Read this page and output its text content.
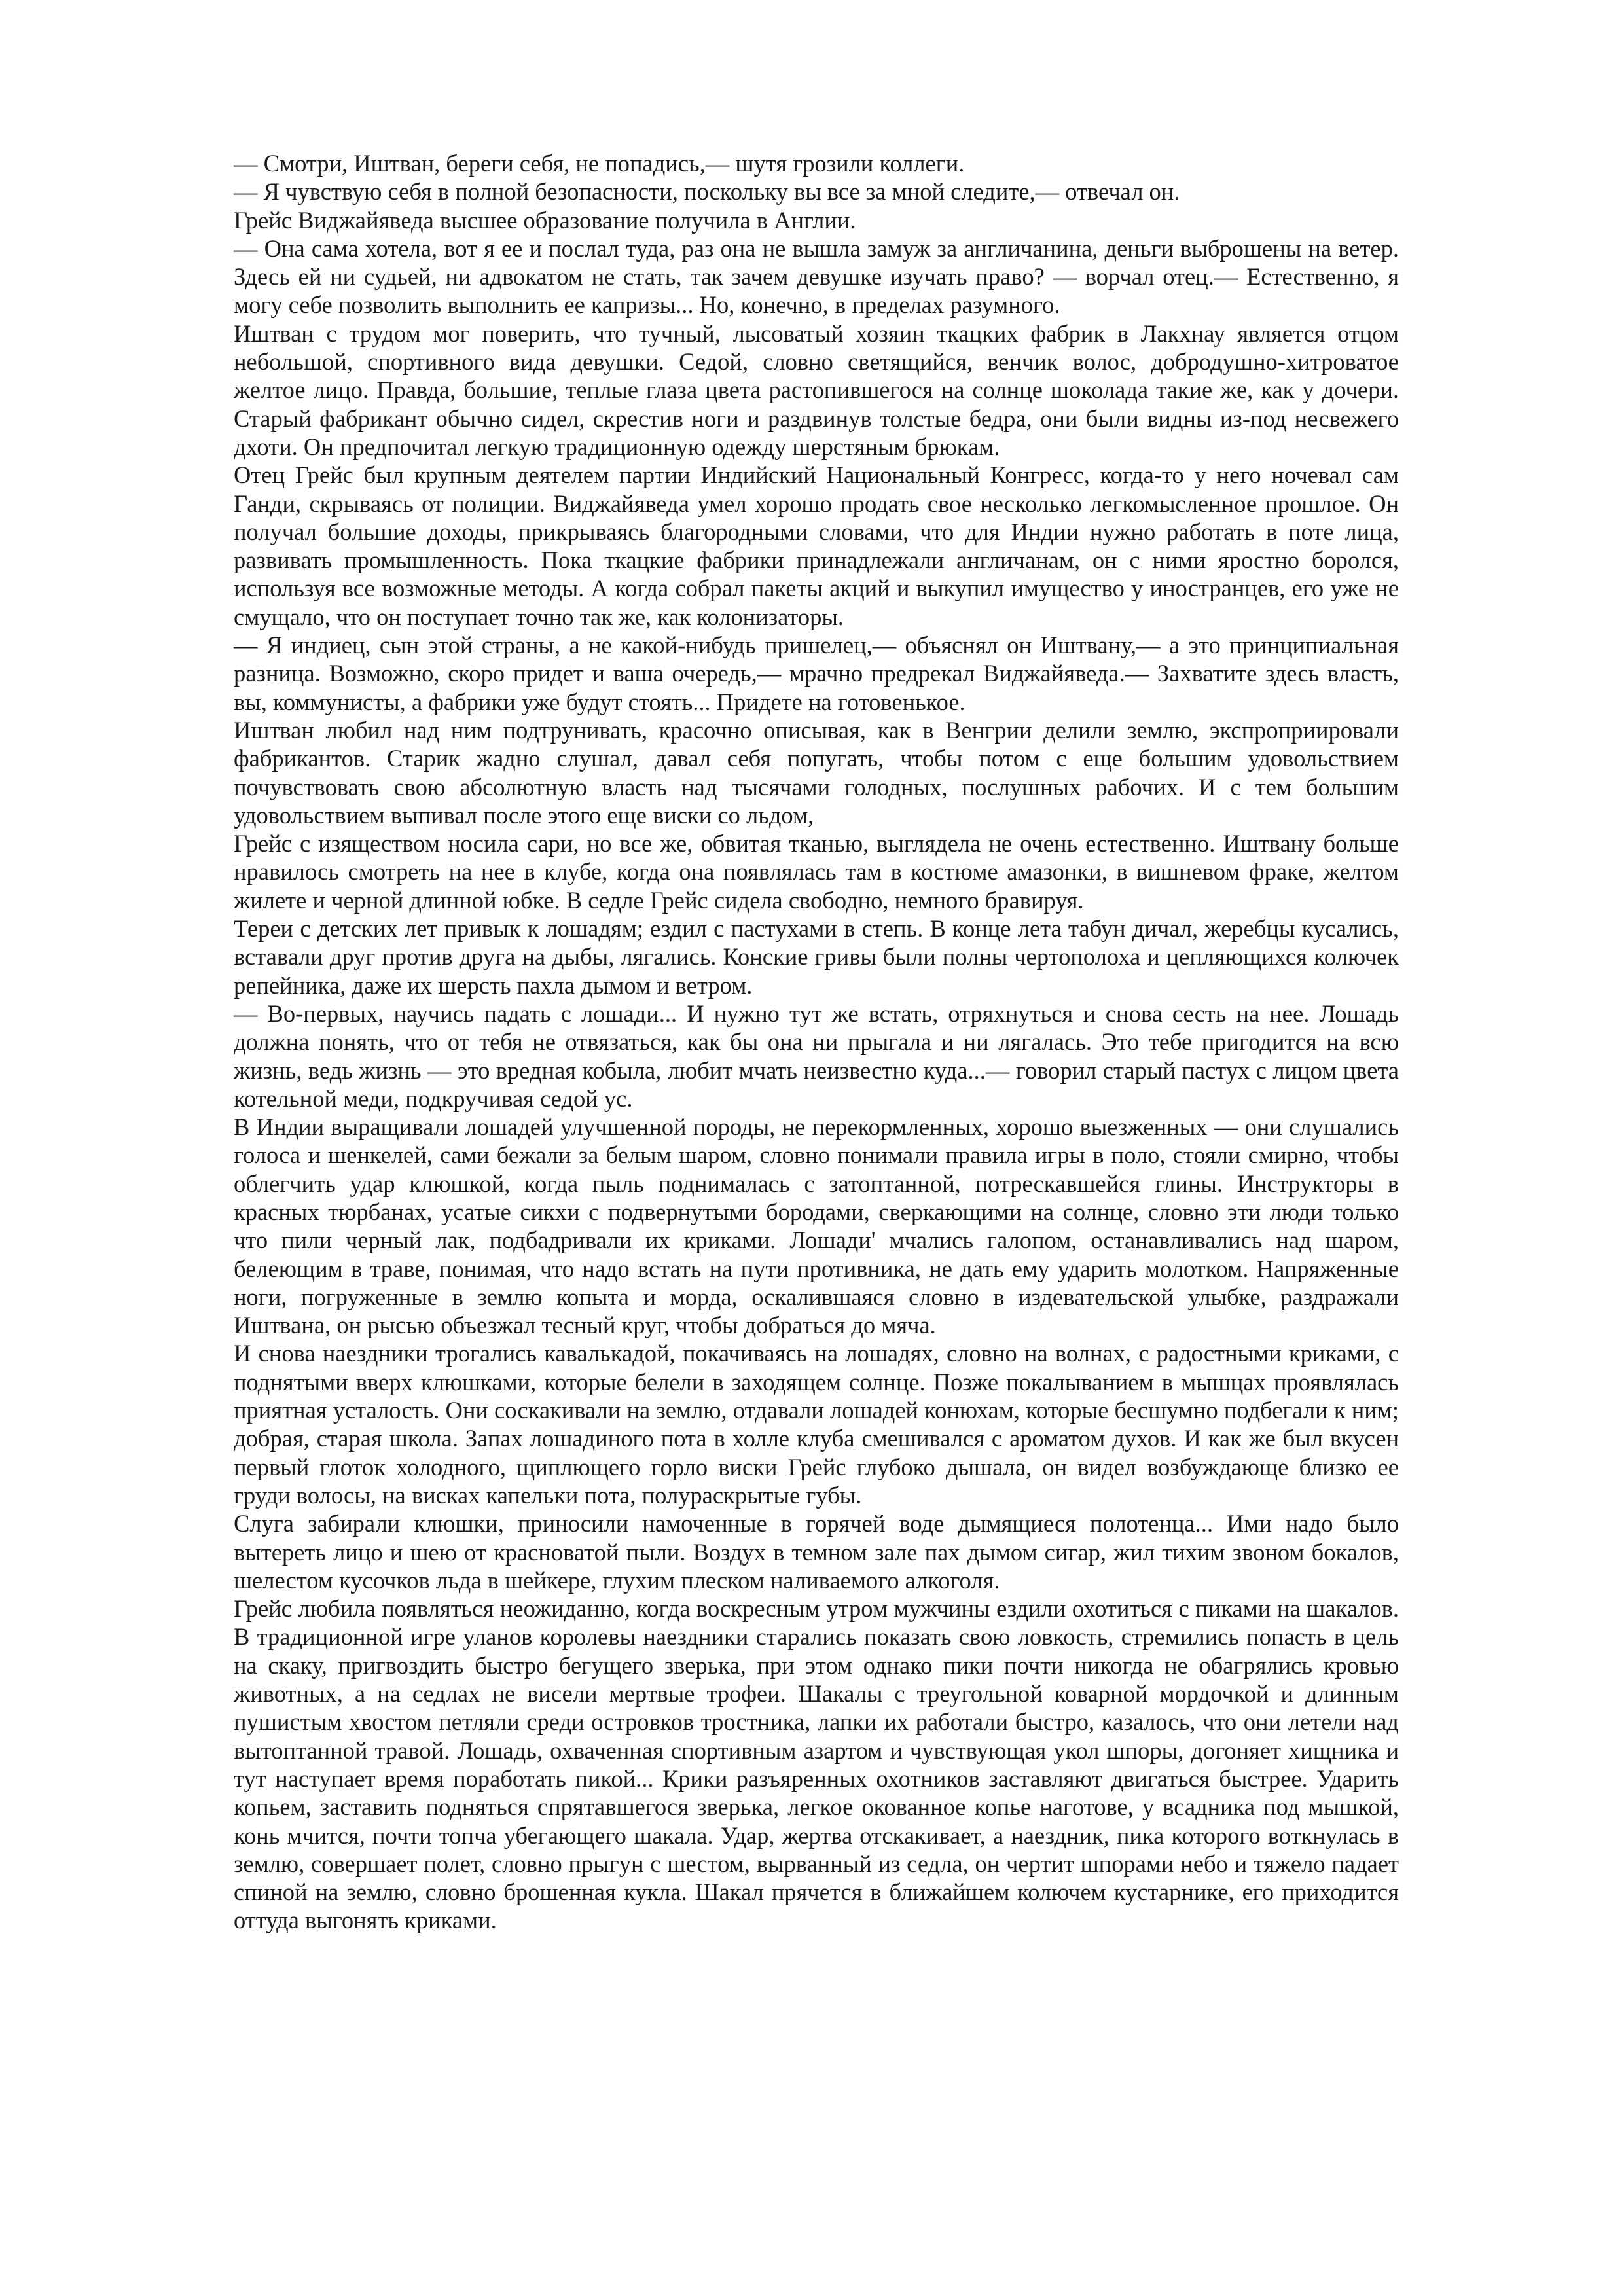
— Смотри, Иштван, береги себя, не попадись,— шутя грозили коллеги.

— Я чувствую себя в полной безопасности, поскольку вы все за мной следите,— отвечал он.

Грейс Виджайяведа высшее образование получила в Англии.

— Она сама хотела, вот я ее и послал туда, раз она не вышла замуж за англичанина, деньги выброшены на ветер. Здесь ей ни судьей, ни адвокатом не стать, так зачем девушке изучать право? — ворчал отец.— Естественно, я могу себе позволить выполнить ее капризы... Но, конечно, в пределах разумного.

Иштван с трудом мог поверить, что тучный, лысоватый хозяин ткацких фабрик в Лакхнау является отцом небольшой, спортивного вида девушки. Седой, словно светящийся, венчик волос, добродушно-хитроватое желтое лицо. Правда, большие, теплые глаза цвета растопившегося на солнце шоколада такие же, как у дочери. Старый фабрикант обычно сидел, скрестив ноги и раздвинув толстые бедра, они были видны из-под несвежего дхоти. Он предпочитал легкую традиционную одежду шерстяным брюкам.

Отец Грейс был крупным деятелем партии Индийский Национальный Конгресс, когда-то у него ночевал сам Ганди, скрываясь от полиции. Виджайяведа умел хорошо продать свое несколько легкомысленное прошлое. Он получал большие доходы, прикрываясь благородными словами, что для Индии нужно работать в поте лица, развивать промышленность. Пока ткацкие фабрики принадлежали англичанам, он с ними яростно боролся, используя все возможные методы. А когда собрал пакеты акций и выкупил имущество у иностранцев, его уже не смущало, что он поступает точно так же, как колонизаторы.

— Я индиец, сын этой страны, а не какой-нибудь пришелец,— объяснял он Иштвану,— а это принципиальная разница. Возможно, скоро придет и ваша очередь,— мрачно предрекал Виджайяведа.— Захватите здесь власть, вы, коммунисты, а фабрики уже будут стоять... Придете на готовенькое.

Иштван любил над ним подтрунивать, красочно описывая, как в Венгрии делили землю, экспроприировали фабрикантов. Старик жадно слушал, давал себя попугать, чтобы потом с еще большим удовольствием почувствовать свою абсолютную власть над тысячами голодных, послушных рабочих. И с тем большим удовольствием выпивал после этого еще виски со льдом,

Грейс с изяществом носила сари, но все же, обвитая тканью, выглядела не очень естественно. Иштвану больше нравилось смотреть на нее в клубе, когда она появлялась там в костюме амазонки, в вишневом фраке, желтом жилете и черной длинной юбке. В седле Грейс сидела свободно, немного бравируя.

Тереи с детских лет привык к лошадям; ездил с пастухами в степь. В конце лета табун дичал, жеребцы кусались, вставали друг против друга на дыбы, лягались. Конские гривы были полны чертополоха и цепляющихся колючек репейника, даже их шерсть пахла дымом и ветром.

— Во-первых, научись падать с лошади... И нужно тут же встать, отряхнуться и снова сесть на нее. Лошадь должна понять, что от тебя не отвязаться, как бы она ни прыгала и ни лягалась. Это тебе пригодится на всю жизнь, ведь жизнь — это вредная кобыла, любит мчать неизвестно куда...— говорил старый пастух с лицом цвета котельной меди, подкручивая седой ус.

В Индии выращивали лошадей улучшенной породы, не перекормленных, хорошо выезженных — они слушались голоса и шенкелей, сами бежали за белым шаром, словно понимали правила игры в поло, стояли смирно, чтобы облегчить удар клюшкой, когда пыль поднималась с затоптанной, потрескавшейся глины. Инструкторы в красных тюрбанах, усатые сикхи с подвернутыми бородами, сверкающими на солнце, словно эти люди только что пили черный лак, подбадривали их криками. Лошади' мчались галопом, останавливались над шаром, белеющим в траве, понимая, что надо встать на пути противника, не дать ему ударить молотком. Напряженные ноги, погруженные в землю копыта и морда, оскалившаяся словно в издевательской улыбке, раздражали Иштвана, он рысью объезжал тесный круг, чтобы добраться до мяча.

И снова наездники трогались кавалькадой, покачиваясь на лошадях, словно на волнах, с радостными криками, с поднятыми вверх клюшками, которые белели в заходящем солнце. Позже покалыванием в мышцах проявлялась приятная усталость. Они соскакивали на землю, отдавали лошадей конюхам, которые бесшумно подбегали к ним; добрая, старая школа. Запах лошадиного пота в холле клуба смешивался с ароматом духов. И как же был вкусен первый глоток холодного, щиплющего горло виски Грейс глубоко дышала, он видел возбуждающе близко ее груди волосы, на висках капельки пота, полураскрытые губы.

Слуга забирали клюшки, приносили намоченные в горячей воде дымящиеся полотенца... Ими надо было вытереть лицо и шею от красноватой пыли. Воздух в темном зале пах дымом сигар, жил тихим звоном бокалов, шелестом кусочков льда в шейкере, глухим плеском наливаемого алкоголя.

Грейс любила появляться неожиданно, когда воскресным утром мужчины ездили охотиться с пиками на шакалов. В традиционной игре уланов королевы наездники старались показать свою ловкость, стремились попасть в цель на скаку, пригвоздить быстро бегущего зверька, при этом однако пики почти никогда не обагрялись кровью животных, а на седлах не висели мертвые трофеи. Шакалы с треугольной коварной мордочкой и длинным пушистым хвостом петляли среди островков тростника, лапки их работали быстро, казалось, что они летели над вытоптанной травой. Лошадь, охваченная спортивным азартом и чувствующая укол шпоры, догоняет хищника и тут наступает время поработать пикой... Крики разъяренных охотников заставляют двигаться быстрее. Ударить копьем, заставить подняться спрятавшегося зверька, легкое окованное копье наготове, у всадника под мышкой, конь мчится, почти топча убегающего шакала. Удар, жертва отскакивает, а наездник, пика которого воткнулась в землю, совершает полет, словно прыгун с шестом, вырванный из седла, он чертит шпорами небо и тяжело падает спиной на землю, словно брошенная кукла. Шакал прячется в ближайшем колючем кустарнике, его приходится оттуда выгонять криками.
